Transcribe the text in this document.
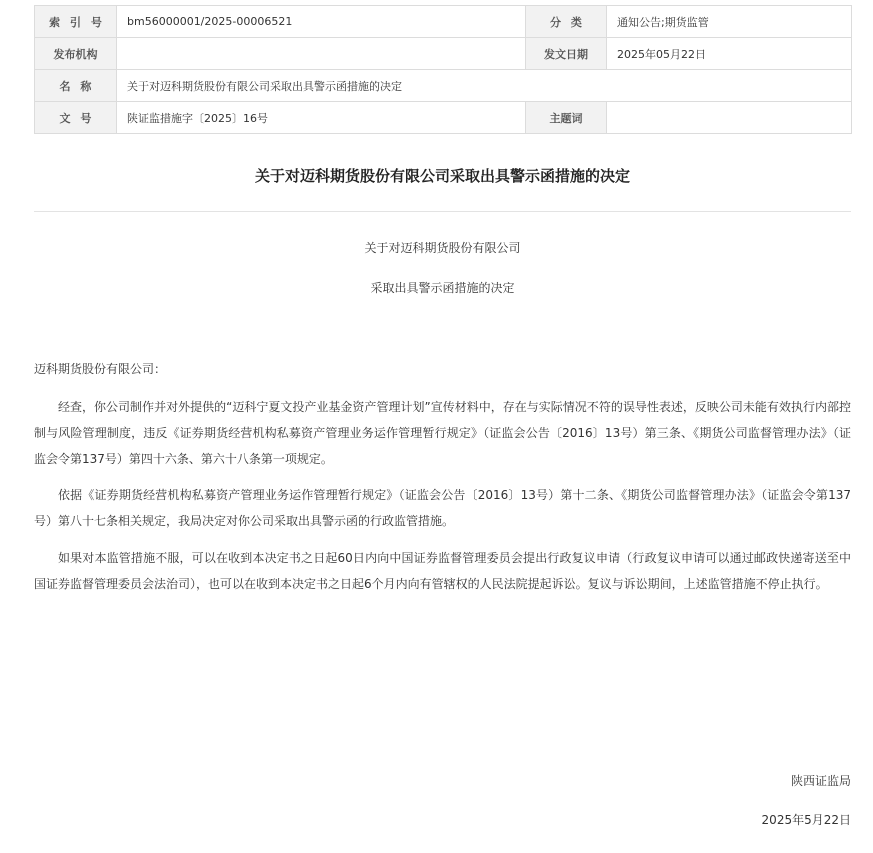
索引号	bm56000001/2025-00006521	分类	通知公告;期货监管
发布机构		发文日期	2025年05月22日
名称	关于对迈科期货股份有限公司采取出具警示函措施的决定		
文号	陕证监措施字〔2025〕16号	主题词	
关于对迈科期货股份有限公司采取出具警示函措施的决定
关于对迈科期货股份有限公司
采取出具警示函措施的决定
迈科期货股份有限公司：

经查，你公司制作并对外提供的“迈科宁夏文投产业基金资产管理计划”宣传材料中，存在与实际情况不符的误导性表述，反映公司未能有效执行内部控制与风险管理制度，违反《证券期货经营机构私募资产管理业务运作管理暂行规定》（证监会公告〔2016〕13号）第三条、《期货公司监督管理办法》（证监会令第137号）第四十六条、第六十八条第一项规定。

依据《证券期货经营机构私募资产管理业务运作管理暂行规定》（证监会公告〔2016〕13号）第十二条、《期货公司监督管理办法》（证监会令第137号）第八十七条相关规定，我局决定对你公司采取出具警示函的行政监管措施。

如果对本监管措施不服，可以在收到本决定书之日起60日内向中国证券监督管理委员会提出行政复议申请（行政复议申请可以通过邮政快递寄送至中国证券监督管理委员会法治司），也可以在收到本决定书之日起6个月内向有管辖权的人民法院提起诉讼。复议与诉讼期间，上述监管措施不停止执行。

陕西证监局
2025年5月22日
